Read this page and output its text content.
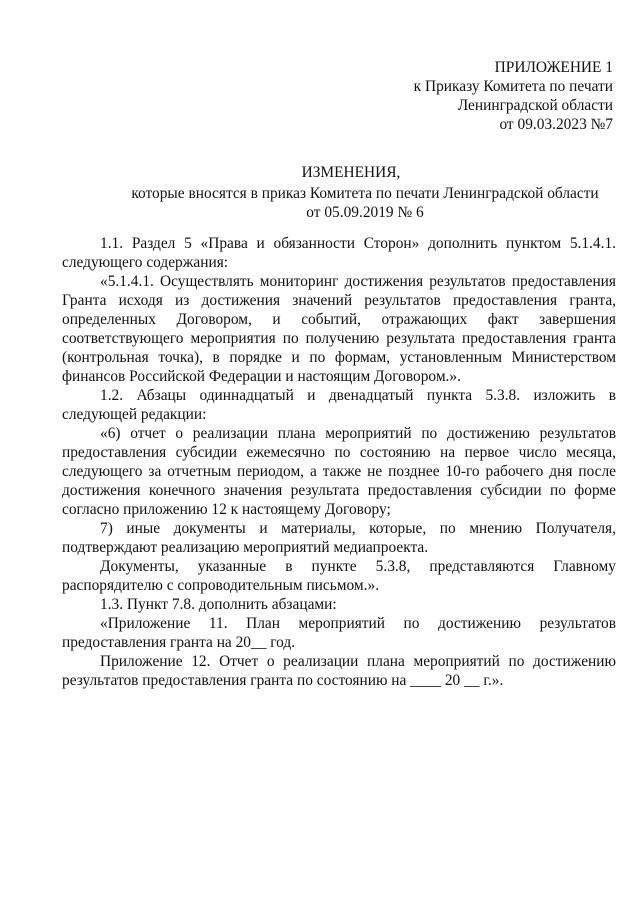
ПРИЛОЖЕНИЕ 1
к Приказу Комитета по печати
Ленинградской области
от 09.03.2023 №7
ИЗМЕНЕНИЯ,
которые вносятся в приказ Комитета по печати Ленинградской области
от 05.09.2019 № 6
1.1. Раздел 5 «Права и обязанности Сторон» дополнить пунктом 5.1.4.1.
следующего содержания:
«5.1.4.1. Осуществлять мониторинг достижения результатов предоставления
Гранта исходя из достижения значений результатов предоставления гранта,
определенных Договором, и событий, отражающих факт завершения
соответствующего мероприятия по получению результата предоставления гранта
(контрольная точка), в порядке и по формам, установленным Министерством
финансов Российской Федерации и настоящим Договором.».
1.2. Абзацы одиннадцатый и двенадцатый пункта 5.3.8. изложить в
следующей редакции:
«6) отчет о реализации плана мероприятий по достижению результатов
предоставления субсидии ежемесячно по состоянию на первое число месяца,
следующего за отчетным периодом, а также не позднее 10-го рабочего дня после
достижения конечного значения результата предоставления субсидии по форме
согласно приложению 12 к настоящему Договору;
7) иные документы и материалы, которые, по мнению Получателя,
подтверждают реализацию мероприятий медиапроекта.
Документы, указанные в пункте 5.3.8, представляются Главному
распорядителю с сопроводительным письмом.».
1.3. Пункт 7.8. дополнить абзацами:
«Приложение 11. План мероприятий по достижению результатов
предоставления гранта на 20__ год.
Приложение 12. Отчет о реализации плана мероприятий по достижению
результатов предоставления гранта по состоянию на ____ 20 __ г.».
